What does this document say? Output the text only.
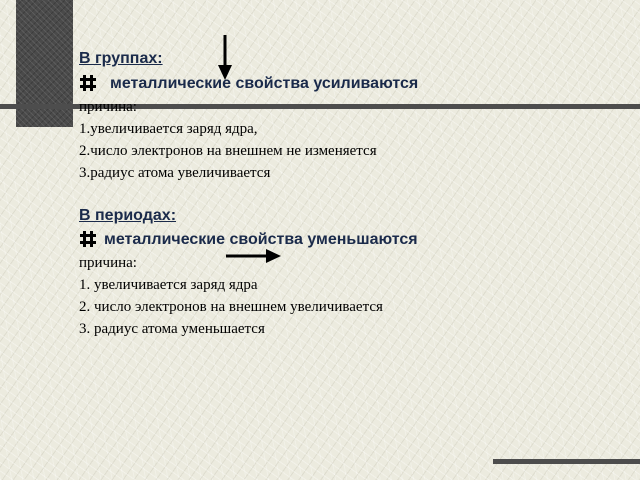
В группах:
металлические свойства усиливаются
причина:
1.увеличивается заряд ядра,
2.число электронов на внешнем не изменяется
3.радиус атома увеличивается
В периодах:
металлические свойства уменьшаются
причина:
1. увеличивается заряд ядра
2. число электронов на внешнем увеличивается
3. радиус атома уменьшается
